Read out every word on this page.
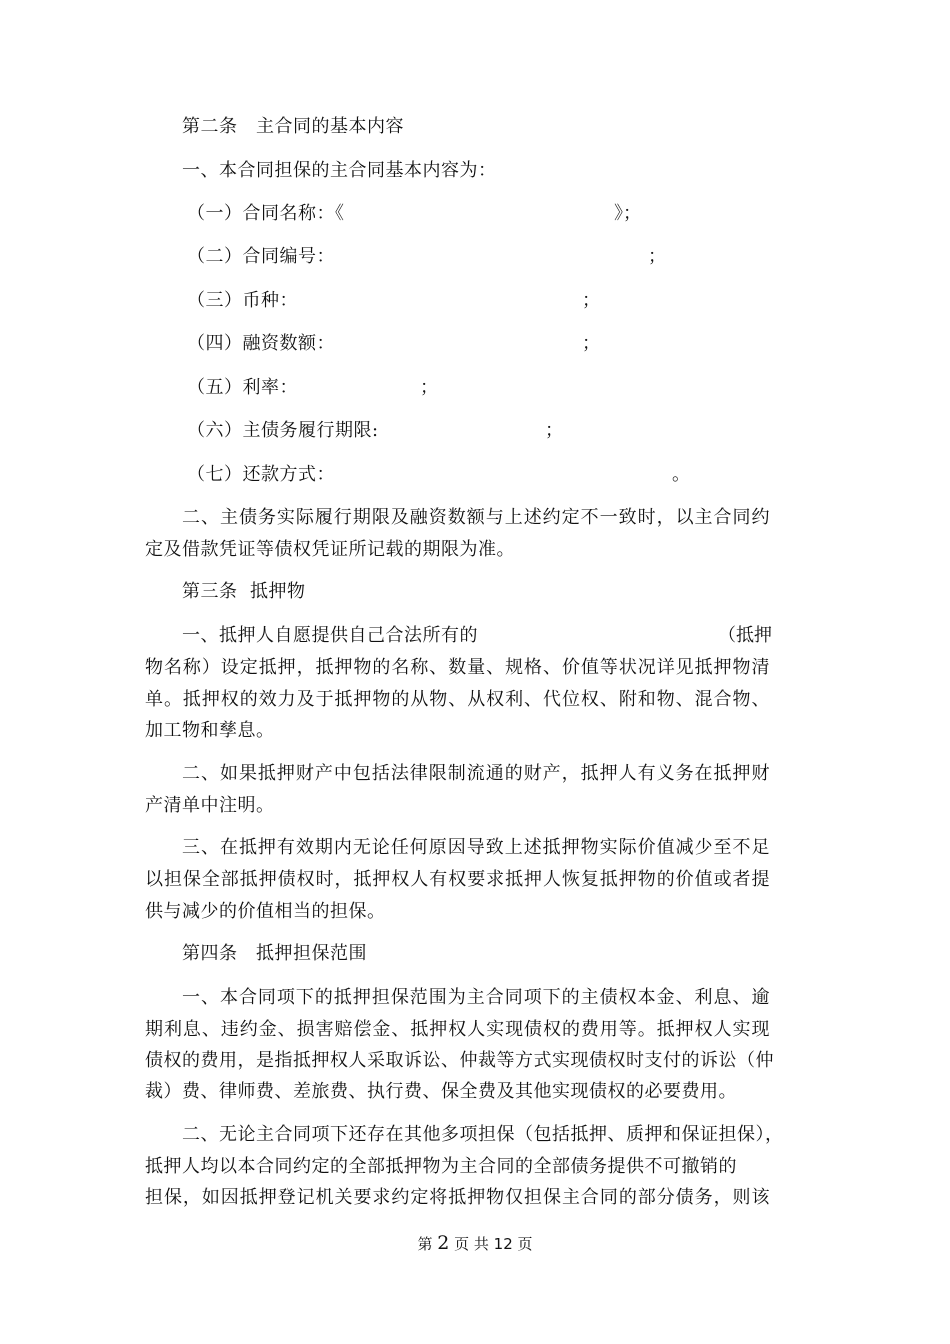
第二条　主合同的基本内容
一、本合同担保的主合同基本内容为：
（一）合同名称：《	》；
（二）合同编号：	；
（三）币种：	；
（四）融资数额：	；
（五）利率：	；
（六）主债务履行期限:	；
（七）还款方式：	。
二、主债务实际履行期限及融资数额与上述约定不一致时，以主合同约
定及借款凭证等债权凭证所记载的期限为准。
第三条  抵押物
一、抵押人自愿提供自己合法所有的	（抵押
物名称）设定抵押，抵押物的名称、数量、规格、价值等状况详见抵押物清
单。抵押权的效力及于抵押物的从物、从权利、代位权、附和物、混合物、
加工物和孳息。
二、如果抵押财产中包括法律限制流通的财产，抵押人有义务在抵押财
产清单中注明。
三、在抵押有效期内无论任何原因导致上述抵押物实际价值减少至不足
以担保全部抵押债权时，抵押权人有权要求抵押人恢复抵押物的价值或者提
供与减少的价值相当的担保。
第四条　抵押担保范围
一、本合同项下的抵押担保范围为主合同项下的主债权本金、利息、逾
期利息、违约金、损害赔偿金、抵押权人实现债权的费用等。抵押权人实现
债权的费用，是指抵押权人采取诉讼、仲裁等方式实现债权时支付的诉讼（仲
裁）费、律师费、差旅费、执行费、保全费及其他实现债权的必要费用。
二、无论主合同项下还存在其他多项担保（包括抵押、质押和保证担保），
抵押人均以本合同约定的全部抵押物为主合同的全部债务提供不可撤销的
担保，如因抵押登记机关要求约定将抵押物仅担保主合同的部分债务，则该
第 2 页 共 12 页
